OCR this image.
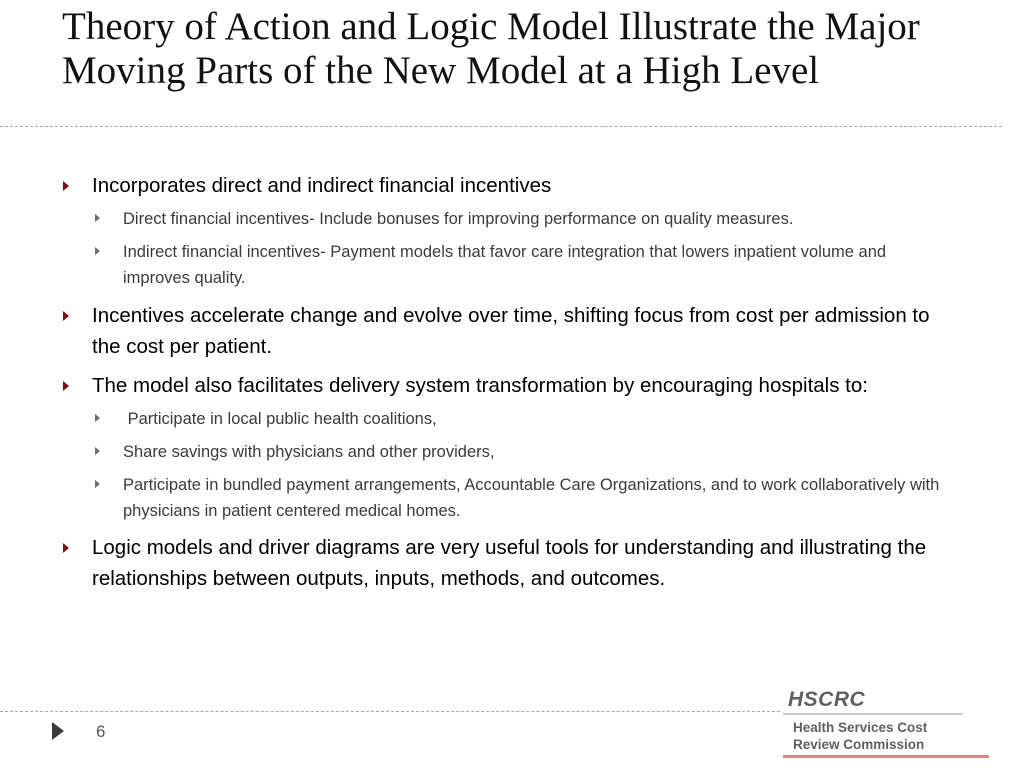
Theory of Action and Logic Model Illustrate the Major Moving Parts of the New Model at a High Level
Incorporates direct and indirect financial incentives
Direct financial incentives- Include bonuses for improving performance on quality measures.
Indirect financial incentives- Payment models that favor care integration that lowers inpatient volume and improves quality.
Incentives accelerate change and evolve over time, shifting focus from cost per admission to the cost per patient.
The model also facilitates delivery system transformation by encouraging hospitals to:
Participate in local public health coalitions,
Share savings with physicians and other providers,
Participate in bundled payment arrangements, Accountable Care Organizations, and to work collaboratively with physicians in patient centered medical homes.
Logic models and driver diagrams are very useful tools for understanding and illustrating the relationships between outputs, inputs, methods, and outcomes.
6
HSCRC
Health Services Cost
Review Commission
